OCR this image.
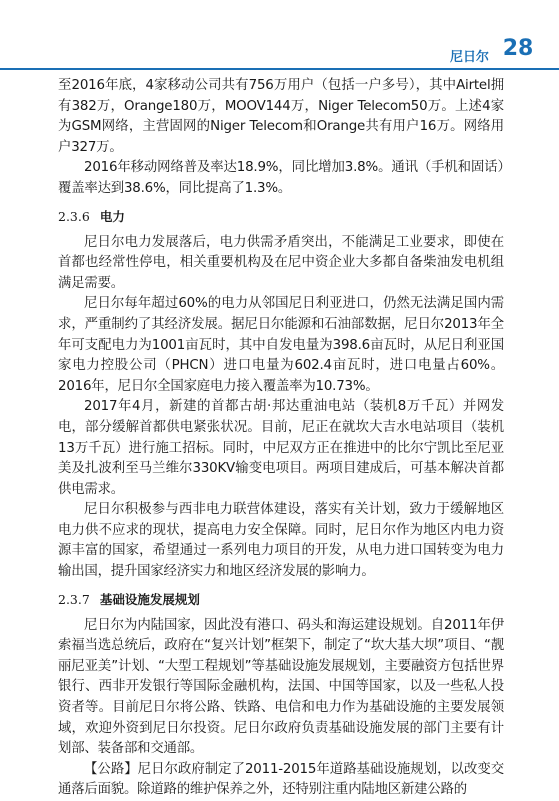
尼日尔 28

至2016年底，4家移动公司共有756万用户（包括一户多号），其中Airtel拥有382万，Orange180万，MOOV144万，Niger Telecom50万。上述4家为GSM网络，主营固网的Niger Telecom和Orange共有用户16万。网络用户327万。

2016年移动网络普及率达18.9%，同比增加3.8%。通讯（手机和固话）覆盖率达到38.6%，同比提高了1.3%。

2.3.6 电力

尼日尔电力发展落后，电力供需矛盾突出，不能满足工业要求，即使在首都也经常性停电，相关重要机构及在尼中资企业大多都自备柴油发电机组满足需要。

尼日尔每年超过60%的电力从邻国尼日利亚进口，仍然无法满足国内需求，严重制约了其经济发展。据尼日尔能源和石油部数据，尼日尔2013年全年可支配电力为1001亩瓦时，其中自发电量为398.6亩瓦时，从尼日利亚国家电力控股公司（PHCN）进口电量为602.4亩瓦时，进口电量占60%。2016年，尼日尔全国家庭电力接入覆盖率为10.73%。

2017年4月，新建的首都古胡·邦达重油电站（装机8万千瓦）并网发电，部分缓解首都供电紧张状况。目前，尼正在就坎大吉水电站项目（装机13万千瓦）进行施工招标。同时，中尼双方正在推进中的比尔宁凯比至尼亚美及扎波利至马兰维尔330KV输变电项目。两项目建成后，可基本解决首都供电需求。

尼日尔积极参与西非电力联营体建设，落实有关计划，致力于缓解地区电力供不应求的现状，提高电力安全保障。同时，尼日尔作为地区内电力资源丰富的国家，希望通过一系列电力项目的开发，从电力进口国转变为电力输出国，提升国家经济实力和地区经济发展的影响力。

2.3.7 基础设施发展规划

尼日尔为内陆国家，因此没有港口、码头和海运建设规划。自2011年伊索福当选总统后，政府在“复兴计划”框架下，制定了“坎大基大坝”项目、“靓丽尼亚美”计划、“大型工程规划”等基础设施发展规划，主要融资方包括世界银行、西非开发银行等国际金融机构，法国、中国等国家，以及一些私人投资者等。目前尼日尔将公路、铁路、电信和电力作为基础设施的主要发展领域，欢迎外资到尼日尔投资。尼日尔政府负责基础设施发展的部门主要有计划部、装备部和交通部。

【公路】尼日尔政府制定了2011-2015年道路基础设施规划，以改变交通落后面貌。除道路的维护保养之外，还特别注重内陆地区新建公路的
